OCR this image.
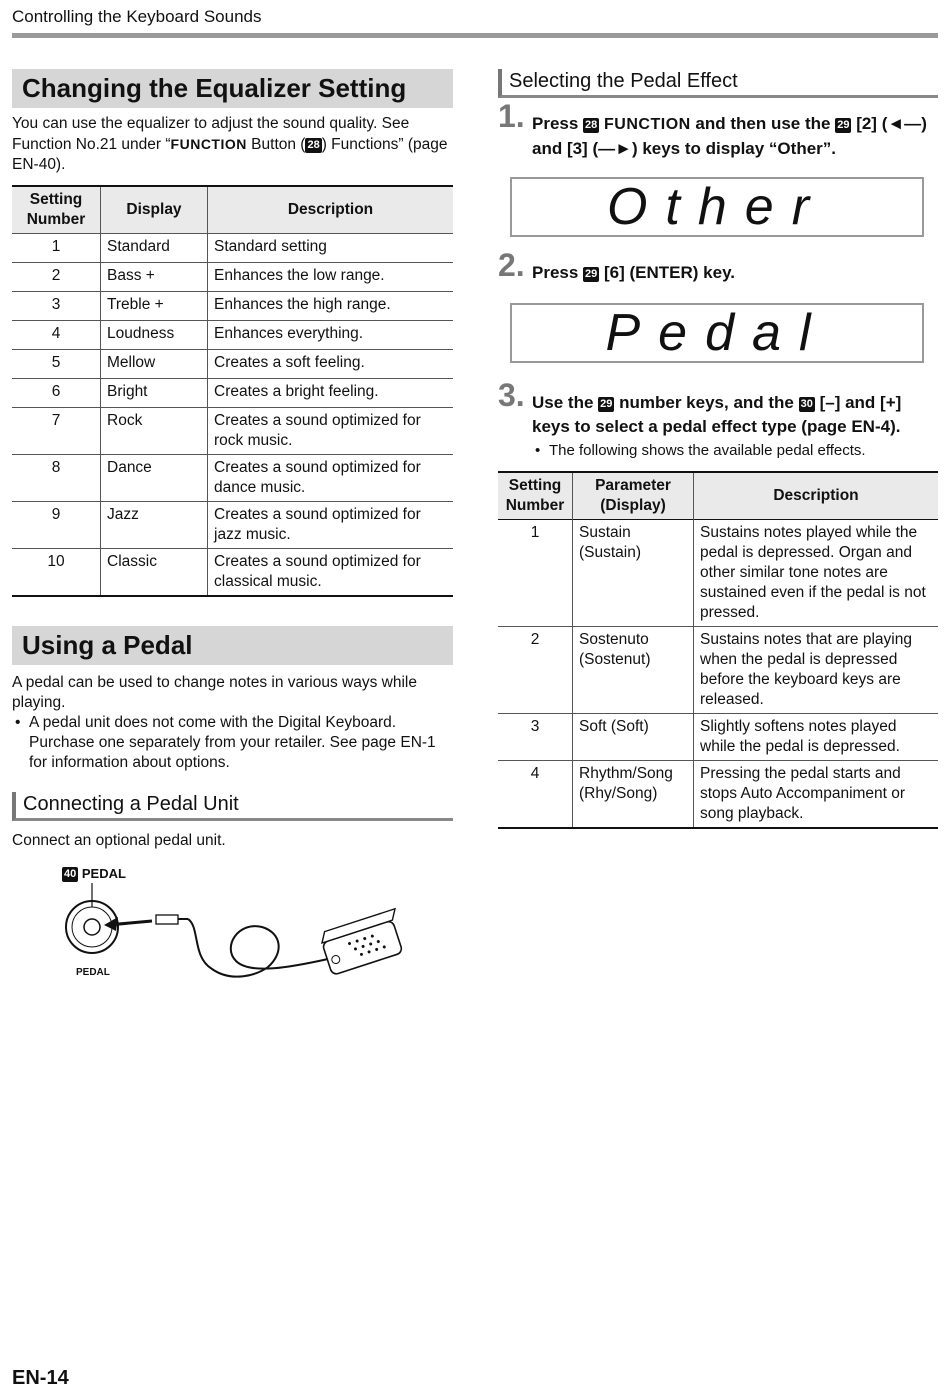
Controlling the Keyboard Sounds
Changing the Equalizer Setting
You can use the equalizer to adjust the sound quality. See Function No.21 under “FUNCTION Button ( 28 ) Functions” (page EN-40).
Setting Number	Display	Description
1	Standard	Standard setting
2	Bass +	Enhances the low range.
3	Treble +	Enhances the high range.
4	Loudness	Enhances everything.
5	Mellow	Creates a soft feeling.
6	Bright	Creates a bright feeling.
7	Rock	Creates a sound optimized for rock music.
8	Dance	Creates a sound optimized for dance music.
9	Jazz	Creates a sound optimized for jazz music.
10	Classic	Creates a sound optimized for classical music.
Using a Pedal
A pedal can be used to change notes in various ways while playing.
• A pedal unit does not come with the Digital Keyboard. Purchase one separately from your retailer. See page EN-1 for information about options.
Connecting a Pedal Unit
Connect an optional pedal unit.
40 PEDAL
PEDAL
Selecting the Pedal Effect
1. Press 28 FUNCTION and then use the 29 [2] (◄―) and [3] (―►) keys to display “Other”.
Other
2. Press 29 [6] (ENTER) key.
Pedal
3. Use the 29 number keys, and the 30 [–] and [+] keys to select a pedal effect type (page EN-4).
• The following shows the available pedal effects.
Setting Number	Parameter (Display)	Description
1	Sustain (Sustain)	Sustains notes played while the pedal is depressed. Organ and other similar tone notes are sustained even if the pedal is not pressed.
2	Sostenuto (Sostenut)	Sustains notes that are playing when the pedal is depressed before the keyboard keys are released.
3	Soft (Soft)	Slightly softens notes played while the pedal is depressed.
4	Rhythm/Song (Rhy/Song)	Pressing the pedal starts and stops Auto Accompaniment or song playback.
EN-14
